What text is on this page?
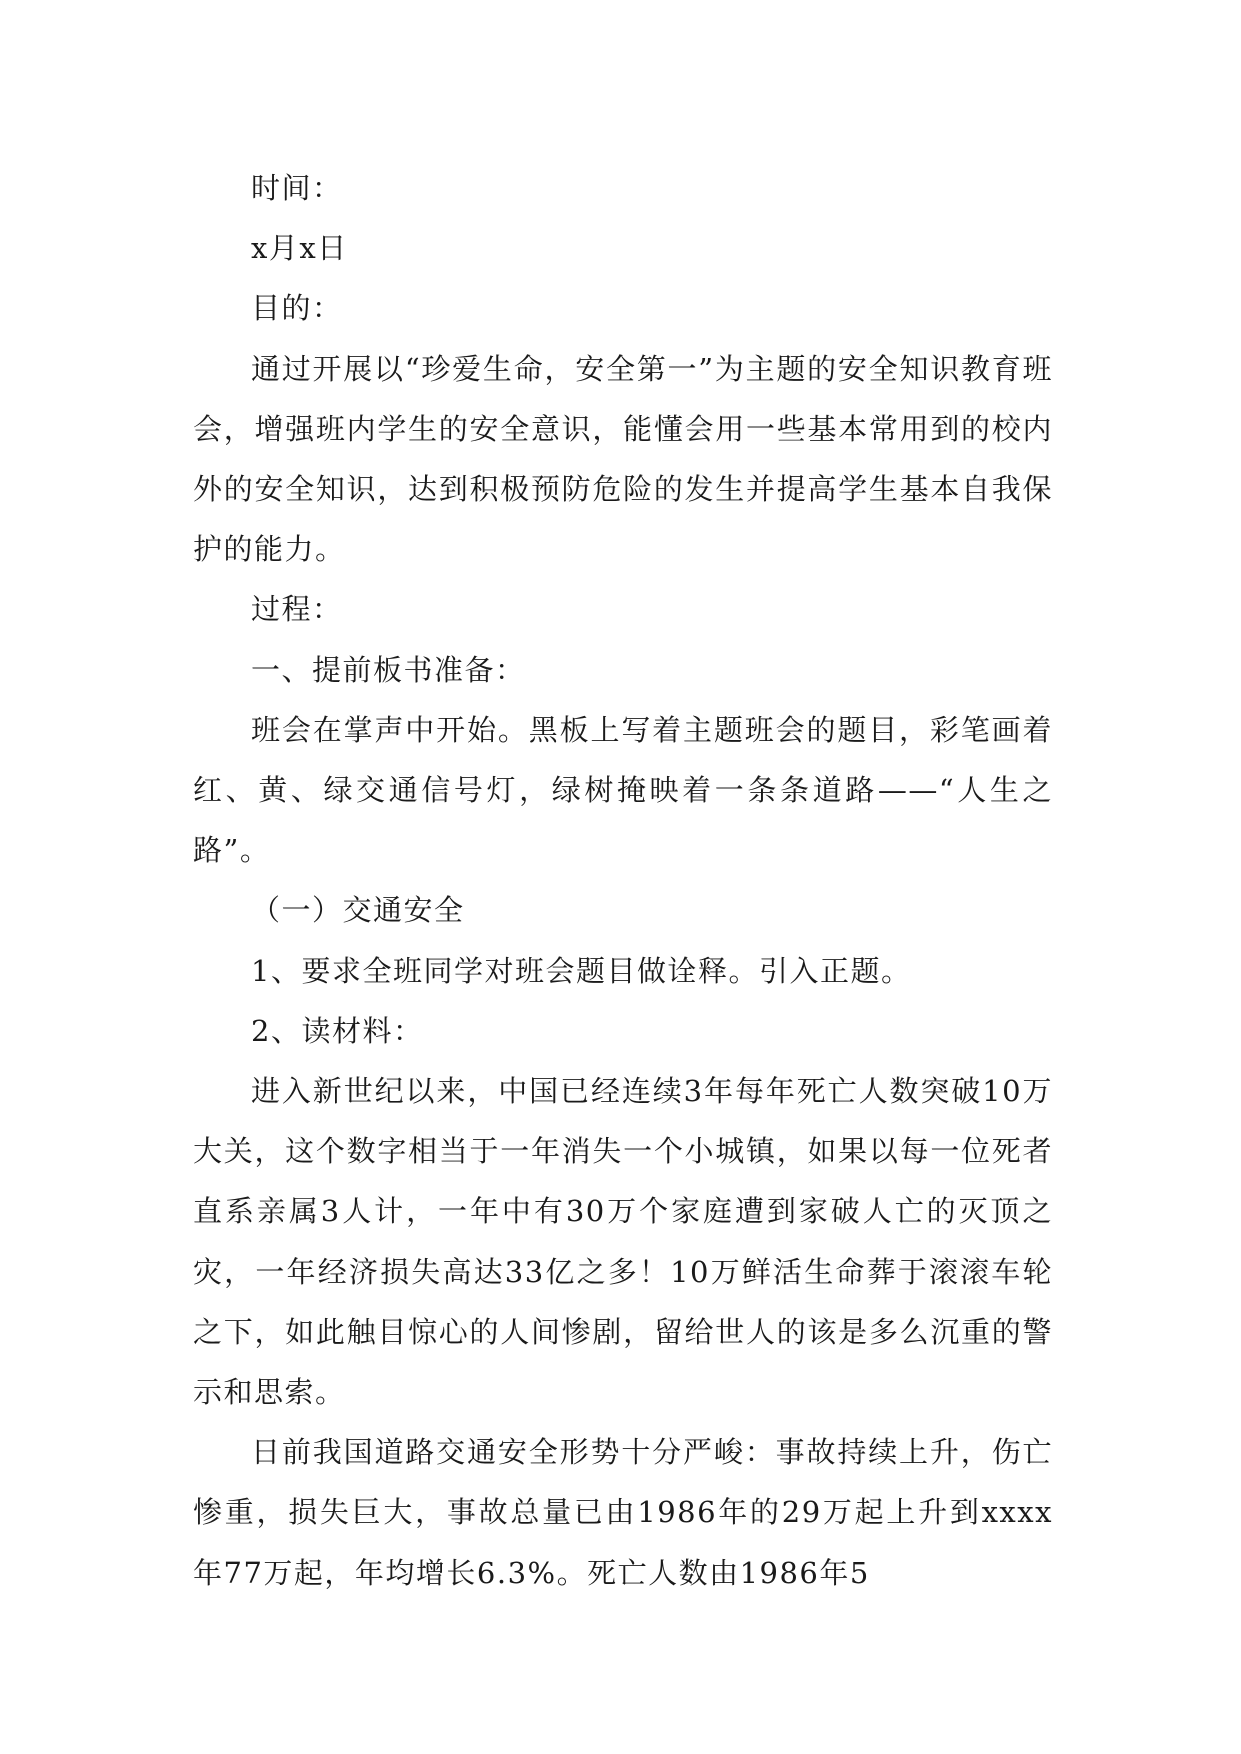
时间：

x月x日

目的：

通过开展以“珍爱生命，安全第一”为主题的安全知识教育班会，增强班内学生的安全意识，能懂会用一些基本常用到的校内外的安全知识，达到积极预防危险的发生并提高学生基本自我保护的能力。

过程：

一、提前板书准备：

班会在掌声中开始。黑板上写着主题班会的题目，彩笔画着红、黄、绿交通信号灯，绿树掩映着一条条道路——“人生之路”。

（一）交通安全

1、要求全班同学对班会题目做诠释。引入正题。

2、读材料：

进入新世纪以来，中国已经连续3年每年死亡人数突破10万大关，这个数字相当于一年消失一个小城镇，如果以每一位死者直系亲属3人计，一年中有30万个家庭遭到家破人亡的灭顶之灾，一年经济损失高达33亿之多！10万鲜活生命葬于滚滚车轮之下，如此触目惊心的人间惨剧，留给世人的该是多么沉重的警示和思索。

日前我国道路交通安全形势十分严峻：事故持续上升，伤亡惨重，损失巨大，事故总量已由1986年的29万起上升到xxxx年77万起，年均增长6.3%。死亡人数由1986年5
